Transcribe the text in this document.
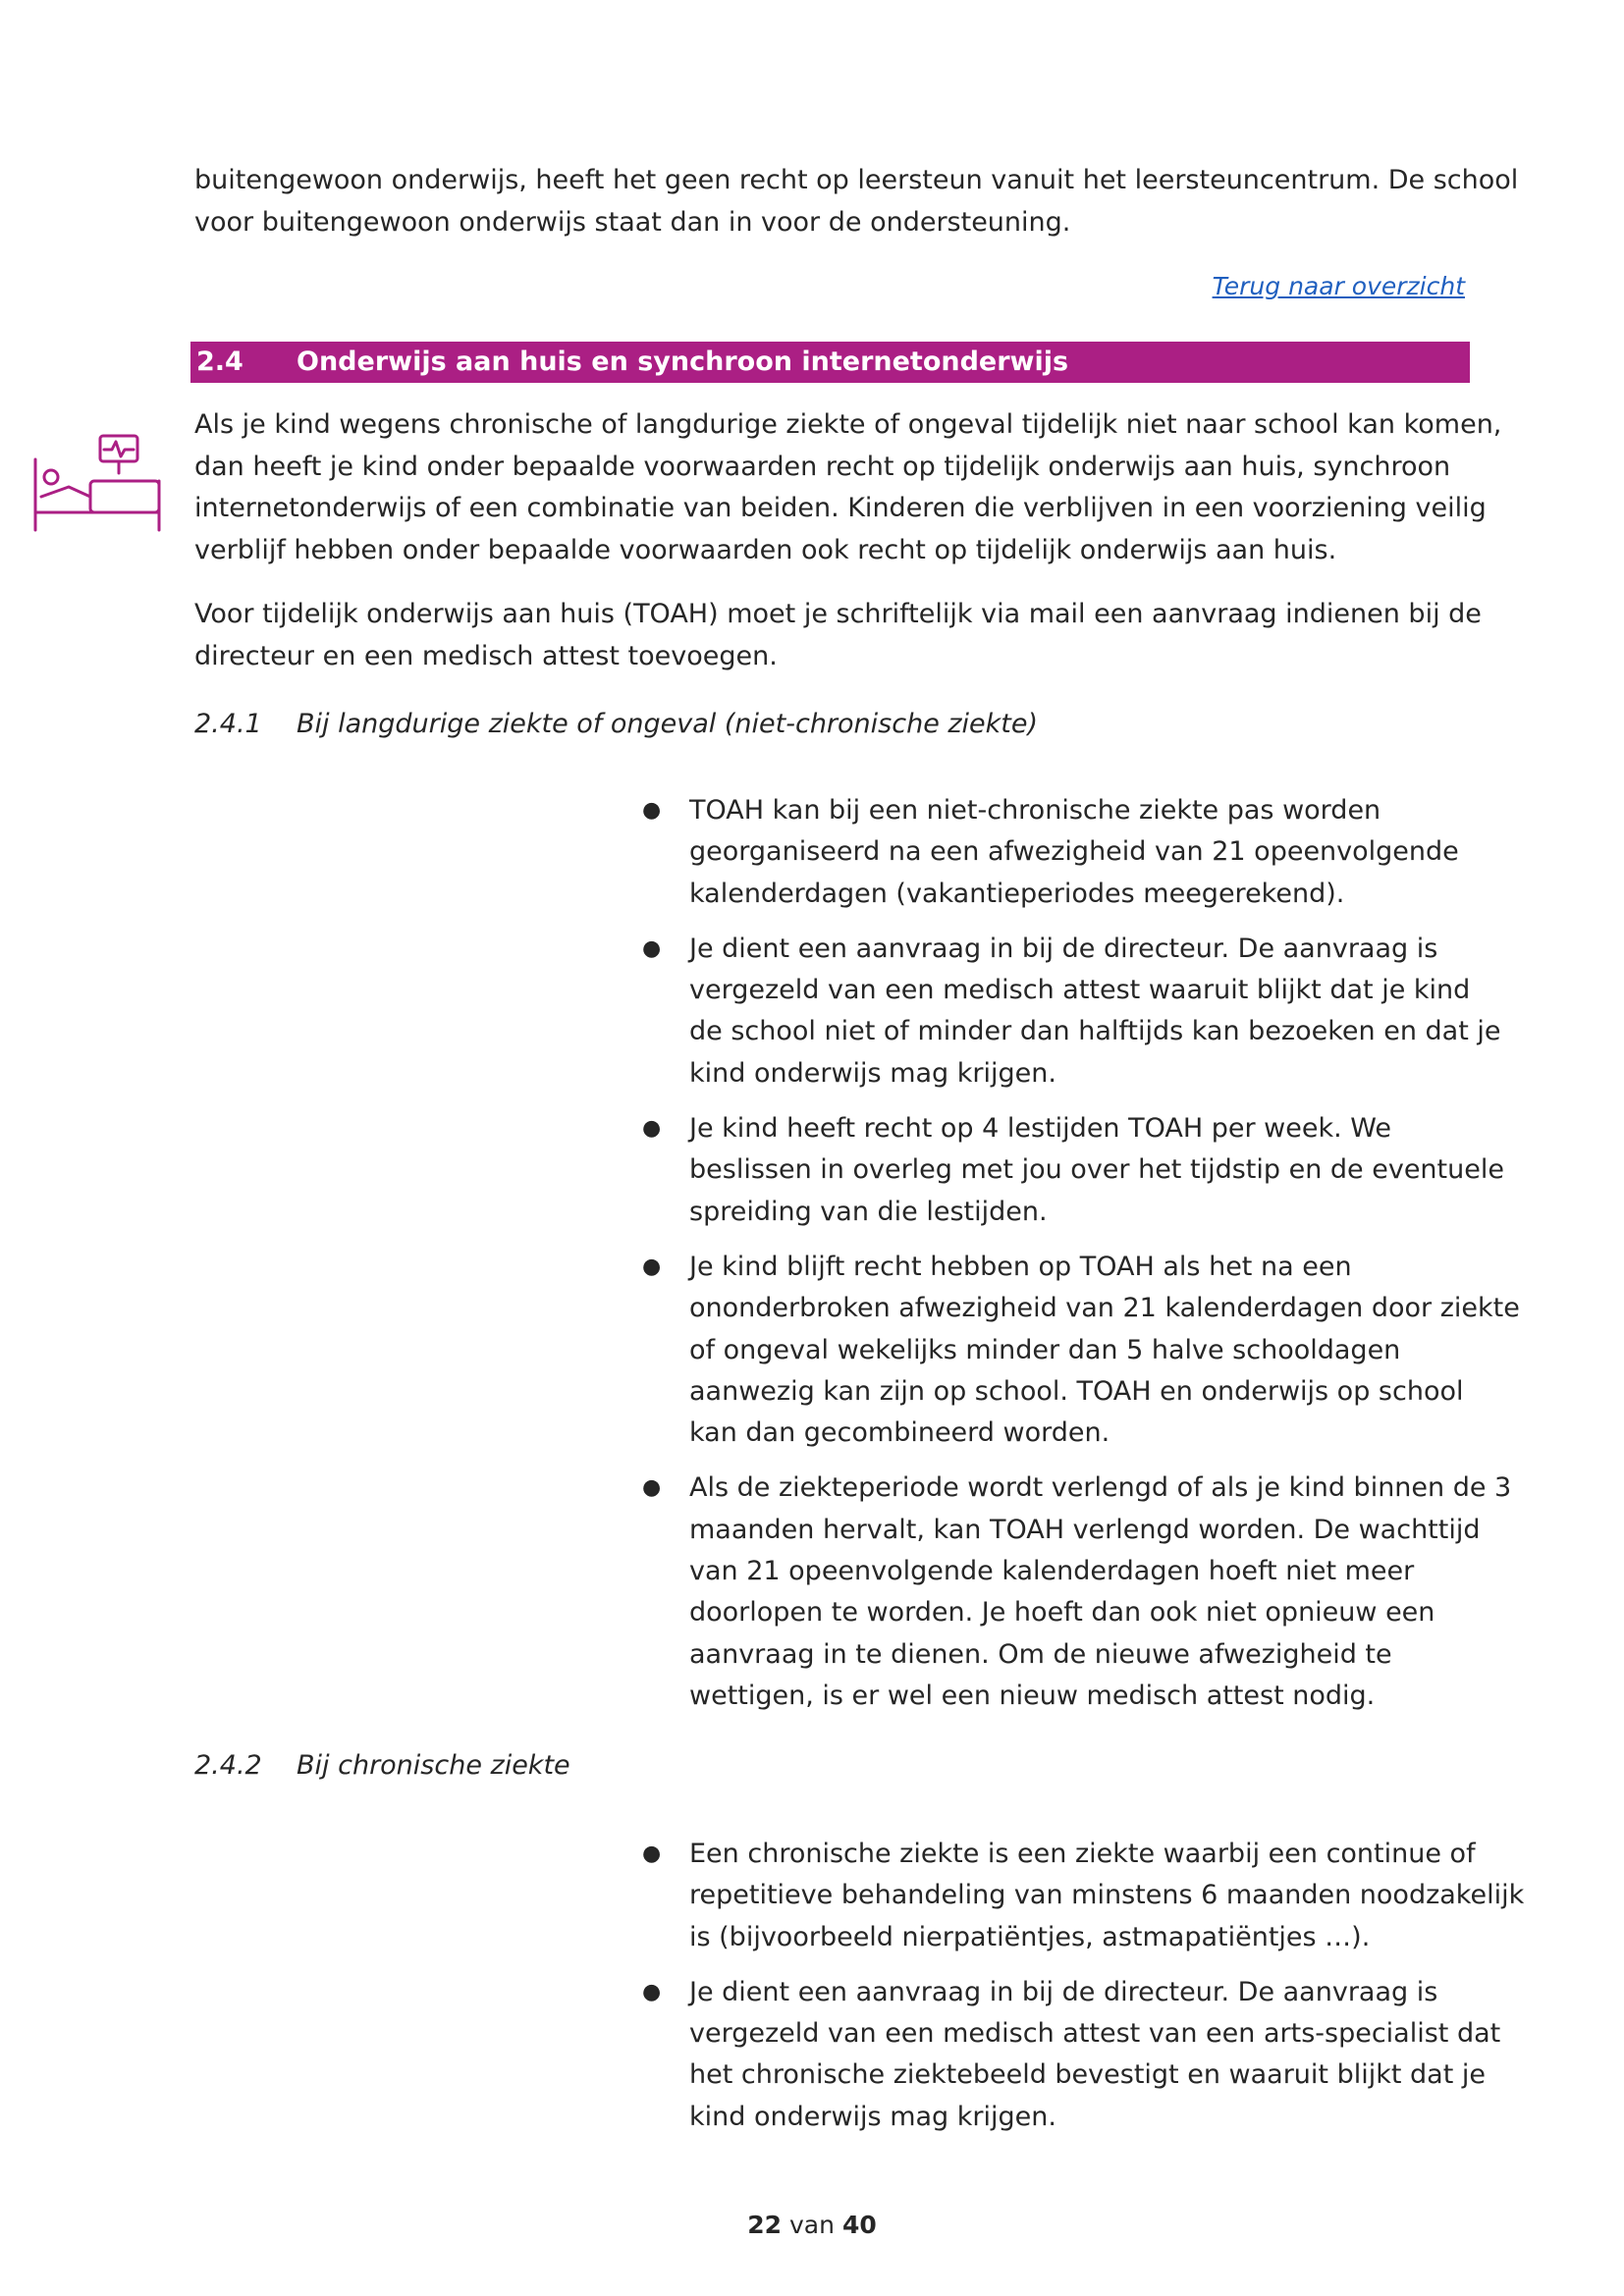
buitengewoon onderwijs, heeft het geen recht op leersteun vanuit het leersteuncentrum. De school
voor buitengewoon onderwijs staat dan in voor de ondersteuning.

Terug naar overzicht
2.4 Onderwijs aan huis en synchroon internetonderwijs

Als je kind wegens chronische of langdurige ziekte of ongeval tijdelijk niet naar school kan komen,
dan heeft je kind onder bepaalde voorwaarden recht op tijdelijk onderwijs aan huis, synchroon
internetonderwijs of een combinatie van beiden. Kinderen die verblijven in een voorziening veilig
verblijf hebben onder bepaalde voorwaarden ook recht op tijdelijk onderwijs aan huis.

Voor tijdelijk onderwijs aan huis (TOAH) moet je schriftelijk via mail een aanvraag indienen bij de
directeur en een medisch attest toevoegen.

2.4.1 Bij langdurige ziekte of ongeval (niet-chronische ziekte)
● TOAH kan bij een niet-chronische ziekte pas worden
georganiseerd na een afwezigheid van 21 opeenvolgende
kalenderdagen (vakantieperiodes meegerekend).
● Je dient een aanvraag in bij de directeur. De aanvraag is
vergezeld van een medisch attest waaruit blijkt dat je kind
de school niet of minder dan halftijds kan bezoeken en dat je
kind onderwijs mag krijgen.
● Je kind heeft recht op 4 lestijden TOAH per week. We
beslissen in overleg met jou over het tijdstip en de eventuele
spreiding van die lestijden.
● Je kind blijft recht hebben op TOAH als het na een
ononderbroken afwezigheid van 21 kalenderdagen door ziekte
of ongeval wekelijks minder dan 5 halve schooldagen
aanwezig kan zijn op school. TOAH en onderwijs op school
kan dan gecombineerd worden.
● Als de ziekteperiode wordt verlengd of als je kind binnen de 3
maanden hervalt, kan TOAH verlengd worden. De wachttijd
van 21 opeenvolgende kalenderdagen hoeft niet meer
doorlopen te worden. Je hoeft dan ook niet opnieuw een
aanvraag in te dienen. Om de nieuwe afwezigheid te
wettigen, is er wel een nieuw medisch attest nodig.
2.4.2 Bij chronische ziekte
● Een chronische ziekte is een ziekte waarbij een continue of
repetitieve behandeling van minstens 6 maanden noodzakelijk
is (bijvoorbeeld nierpatiëntjes, astmapatiëntjes …).
● Je dient een aanvraag in bij de directeur. De aanvraag is
vergezeld van een medisch attest van een arts-specialist dat
het chronische ziektebeeld bevestigt en waaruit blijkt dat je
kind onderwijs mag krijgen.
22 van 40
